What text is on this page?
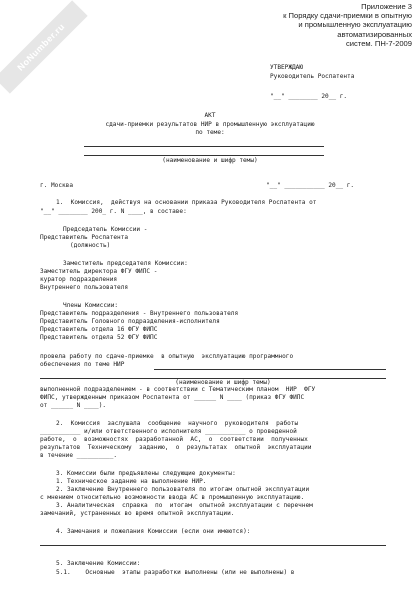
NoNumber.ru
Приложение 3
к Порядку сдачи-приемки в опытную
и промышленную эксплуатацию автоматизированных
систем. ПН-7-2009
УТВЕРЖДАЮ
Руководитель Роспатента
"__" ________ 20__ г.
АКТ
сдачи-приемки результатов НИР в промышленную эксплуатацию
по теме:
(наименование и шифр темы)
г. Москва	"__" ___________ 20__ г.
1.  Комиссия,  действуя на основании приказа Руководителя Роспатента от
"__" ________ 200_ г. N ____, в составе:
Председатель Комиссии -
Представитель Роспатента
(должность)
Заместитель председателя Комиссии:
Заместитель директора ФГУ ФИПС -
куратор подразделения
Внутреннего пользователя
Члены Комиссии:
Представитель подразделения - Внутреннего пользователя
Представитель Головного подразделения-исполнителя
Представитель отдела 16 ФГУ ФИПС
Представитель отдела 52 ФГУ ФИПС
провела работу по сдаче-приемке  в опытную  эксплуатацию программного
обеспечения по теме НИР
(наименование и шифр темы)
выполненной подразделением - в соответствии с Тематическим планом  НИР  ФГУ
ФИПС, утвержденным приказом Роспатента от ______ N ____ (приказ ФГУ ФИПС
от ______ N ____).
2.  Комиссия  заслушала  сообщение  научного  руководителя  работы
___________ и/или ответственного исполнителя ___________ о проведенной
работе,  о  возможностях  разработанной  АС,  о  соответствии  полученных
результатов  Техническому  заданию,  о  результатах  опытной  эксплуатации
в течение __________.
3. Комиссии были предъявлены следующие документы:
1. Техническое задание на выполнение НИР.
2. Заключение Внутреннего пользователя по итогам опытной эксплуатации
с мнением относительно возможности ввода АС в промышленную эксплуатацию.
3. Аналитическая  справка  по  итогам  опытной эксплуатации с перечнем
замечаний, устраненных во время опытной эксплуатации.
4. Замечания и пожелания Комиссии (если они имеются):
5. Заключение Комиссии:
5.1.    Основные  этапы разработки выполнены (или не выполнены) в
